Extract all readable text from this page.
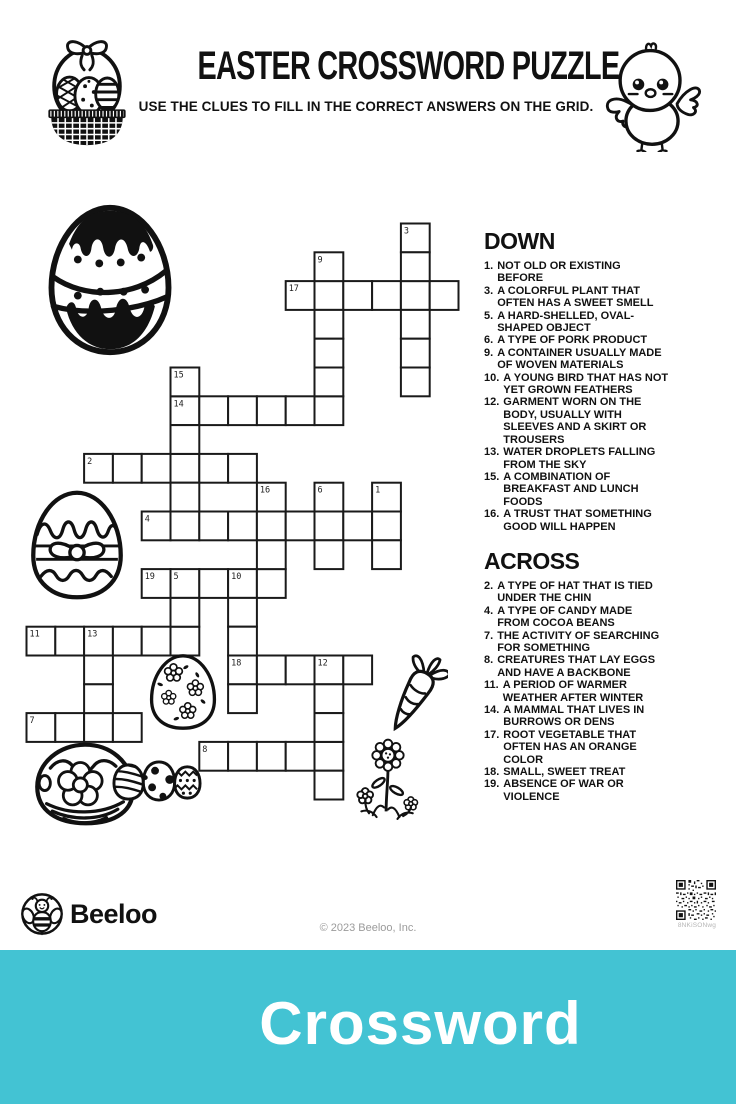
EASTER CROSSWORD PUZZLE

USE THE CLUES TO FILL IN THE CORRECT ANSWERS ON THE GRID.

2
4
7
8
11
14
17
18
19
1
3
5
6
9
10
12
13
15
16
DOWN
1. NOT OLD OR EXISTING BEFORE
3. A COLORFUL PLANT THAT OFTEN HAS A SWEET SMELL
5. A HARD-SHELLED, OVAL-SHAPED OBJECT
6. A TYPE OF PORK PRODUCT
9. A CONTAINER USUALLY MADE OF WOVEN MATERIALS
10. A YOUNG BIRD THAT HAS NOT YET GROWN FEATHERS
12. GARMENT WORN ON THE BODY, USUALLY WITH SLEEVES AND A SKIRT OR TROUSERS
13. WATER DROPLETS FALLING FROM THE SKY
15. A COMBINATION OF BREAKFAST AND LUNCH FOODS
16. A TRUST THAT SOMETHING GOOD WILL HAPPEN
ACROSS
2. A TYPE OF HAT THAT IS TIED UNDER THE CHIN
4. A TYPE OF CANDY MADE FROM COCOA BEANS
7. THE ACTIVITY OF SEARCHING FOR SOMETHING
8. CREATURES THAT LAY EGGS AND HAVE A BACKBONE
11. A PERIOD OF WARMER WEATHER AFTER WINTER
14. A MAMMAL THAT LIVES IN BURROWS OR DENS
17. ROOT VEGETABLE THAT OFTEN HAS AN ORANGE COLOR
18. SMALL, SWEET TREAT
19. ABSENCE OF WAR OR VIOLENCE
Beeloo	© 2023 Beeloo, Inc.	8NKiSONwg
Crossword
